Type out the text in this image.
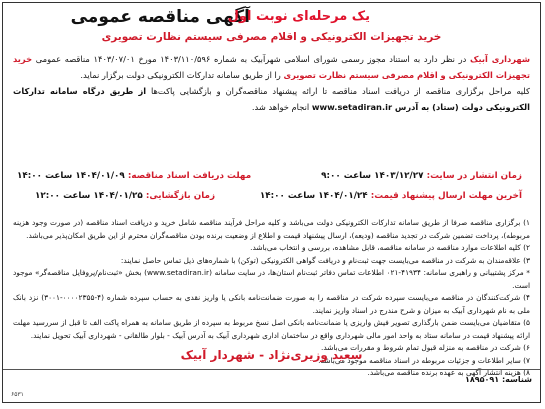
آگهی مناقصه عمومی
یک مرحله‌ای نوبت اول
خرید تجهیزات الکترونیکی و اقلام مصرفی سیستم نظارت تصویری
شهرداری آبیک در نظر دارد به استناد مجوز رسمی شورای اسلامی شهرآبیک به شماره ۱۴۰۳/۱۱۰/۵۹۶ مورخ ۱۴۰۳/۰۷/۰۱ مناقصه عمومی خرید تجهیزات الکترونیکی و اقلام مصرفی سیستم نظارت تصویری را از طریق سامانه تدارکات الکترونیکی دولت برگزار نماید.
کلیه مراحل برگزاری مناقصه از دریافت اسناد مناقصه تا ارائه پیشنهاد مناقصه‌گران و بازگشایی پاکت‌ها از طریق درگاه سامانه تدارکات الکترونیکی دولت (ستاد) به آدرس www.setadiran.ir انجام خواهد شد.
زمان انتشار در سایت: ۱۴۰۳/۱۲/۲۷ ساعت ۹:۰۰
مهلت دریافت اسناد مناقصه: ۱۴۰۴/۰۱/۰۹ ساعت ۱۴:۰۰
آخرین مهلت ارسال پیشنهاد قیمت: ۱۴۰۴/۰۱/۲۴ ساعت ۱۴:۰۰
زمان بازگشایی: ۱۴۰۴/۰۱/۲۵ ساعت ۱۲:۰۰

۱) برگزاری مناقصه صرفا از طریق سامانه تدارکات الکترونیکی دولت می‌باشد و کلیه مراحل فرآیند مناقصه شامل خرید و دریافت اسناد مناقصه (در صورت وجود هزینه مربوطه)، پرداخت تضمین شرکت در تجدید مناقصه (ودیعه)، ارسال پیشنهاد قیمت و اطلاع از وضعیت برنده بودن مناقصه‌گران محترم از این طریق امکان‌پذیر می‌باشد.

۲) کلیه اطلاعات موارد مناقصه در سامانه مناقصه، قابل مشاهده، بررسی و انتخاب می‌باشد.

۳) علاقه‌مندان به شرکت در مناقصه می‌بایست جهت ثبت‌نام و دریافت گواهی الکترونیکی (توکن) با شماره‌های ذیل تماس حاصل نمایند:

* مرکز پشتیبانی و راهبری سامانه: ۴۱۹۳۴-۰۲۱ اطلاعات تماس دفاتر ثبت‌نام استان‌ها، در سایت سامانه (www.setadiran.ir) بخش «ثبت‌نام/پروفایل مناقصه‌گر» موجود است.

۴) شرکت‌کنندگان در مناقصه می‌بایست سپرده شرکت در مناقصه را به صورت ضمانت‌نامه بانکی یا واریز نقدی به حساب سپرده شماره (۴-۰۰۰۰۲۳۵۵-۳۰۰۱) نزد بانک ملی به نام شهرداری آبیک به میزان و شرح مندرج در اسناد واریز نمایند.

۵) متقاضیان می‌بایست ضمن بارگذاری تصویر فیش واریزی یا ضمانت‌نامه بانکی اصل نسخ مربوط به سپرده از طریق سامانه به همراه پاکت الف تا قبل از سررسید مهلت ارائه پیشنهاد قیمت در سامانه ستاد به واحد امور مالی شهرداری واقع در ساختمان اداری شهرداری آبیک به آدرس آبیک - بلوار طالقانی - شهرداری آبیک تحویل نمایند.

۶) شرکت در مناقصه به منزله قبول تمام شروط و مقررات می‌باشد.

۷) سایر اطلاعات و جزئیات مربوطه در اسناد مناقصه موجود می‌باشد.

۸) هزینه انتشار آگهی به عهده برنده مناقصه می‌باشد.

سعید وزیری‌نژاد - شهردار آبیک
شناسه: ۱۸۹۵۰۹۱
۶۵۳۱
